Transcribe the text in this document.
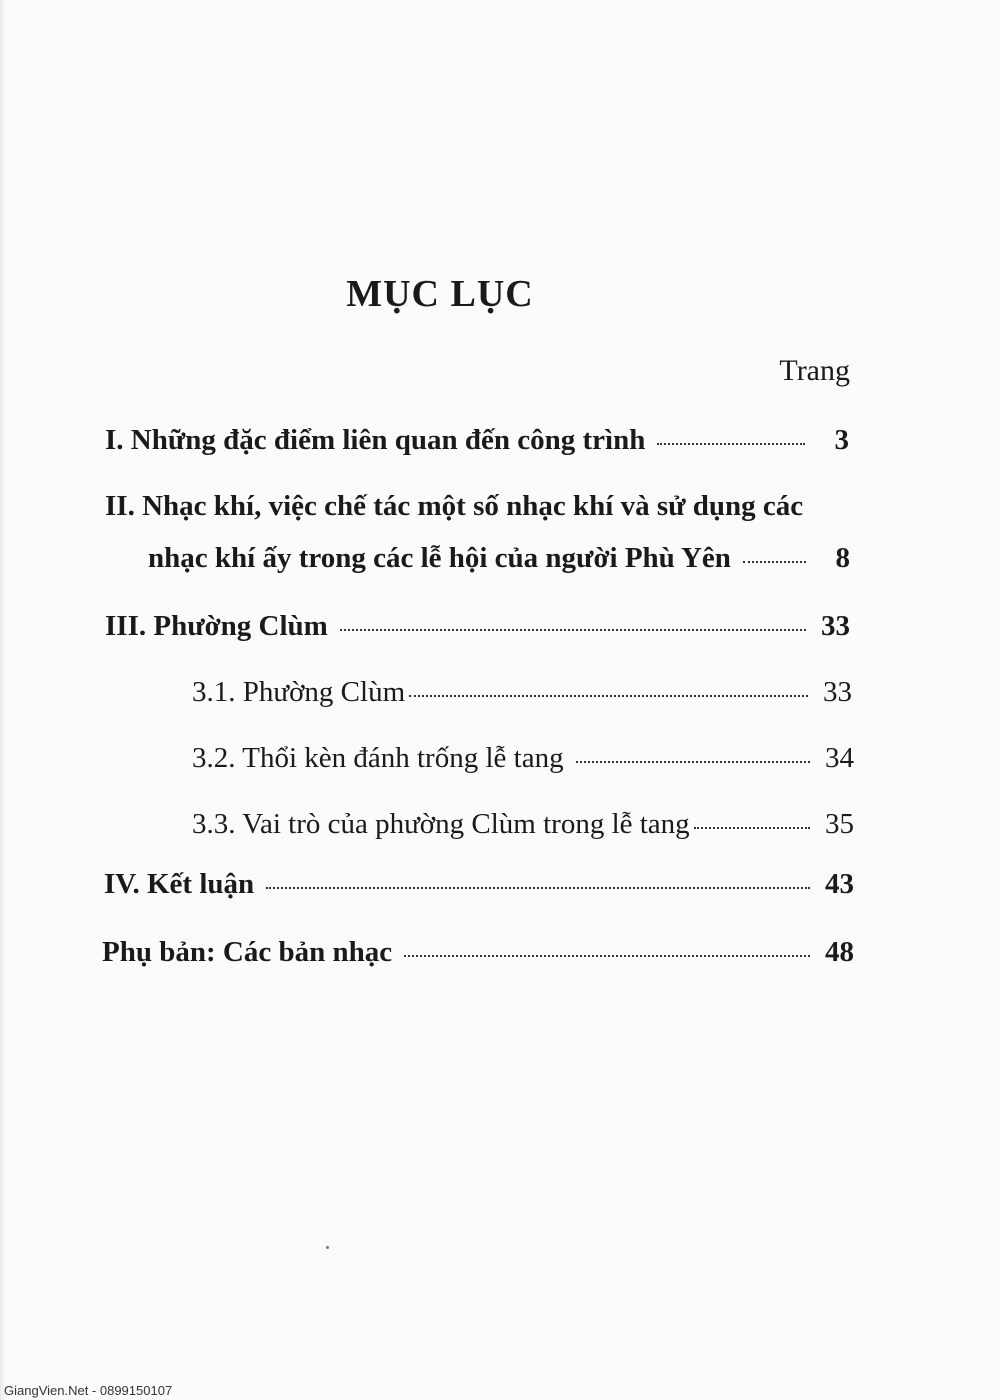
MỤC LỤC
Trang
I. Những đặc điểm liên quan đến công trình	3
II. Nhạc khí, việc chế tác một số nhạc khí và sử dụng các
nhạc khí ấy trong các lễ hội của người Phù Yên	8
III. Phường Clùm	33
3.1. Phường Clùm	33
3.2. Thổi kèn đánh trống lễ tang	34
3.3. Vai trò của phường Clùm trong lễ tang	35
IV. Kết luận	43
Phụ bản: Các bản nhạc	48
GiangVien.Net - 0899150107
